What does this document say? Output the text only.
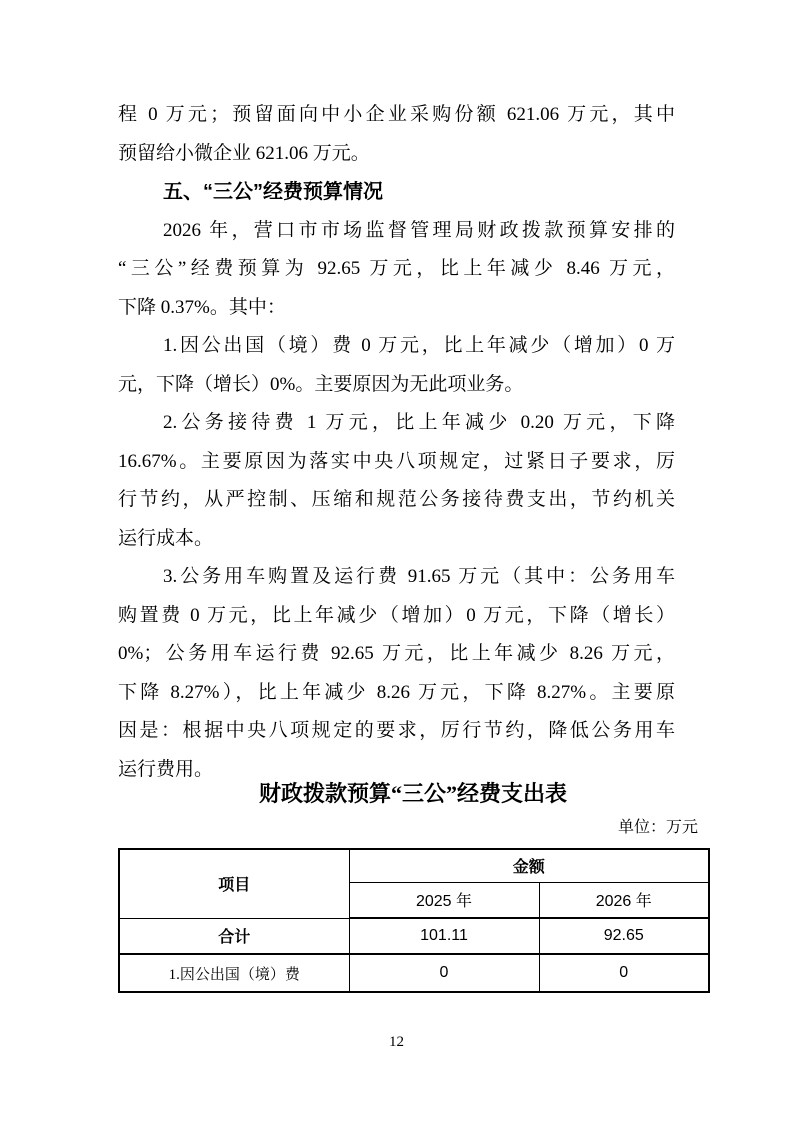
程 0 万元；预留面向中小企业采购份额 621.06 万元，其中
预留给小微企业 621.06 万元。
五、“三公”经费预算情况
2026 年，营口市市场监督管理局财政拨款预算安排的
“三公”经费预算为 92.65 万元，比上年减少 8.46 万元，
下降 0.37%。其中：
1.因公出国（境）费 0 万元，比上年减少（增加）0 万
元，下降（增长）0%。主要原因为无此项业务。
2.公务接待费 1 万元，比上年减少 0.20 万元，下降
16.67%。主要原因为落实中央八项规定，过紧日子要求，厉
行节约，从严控制、压缩和规范公务接待费支出，节约机关
运行成本。
3.公务用车购置及运行费 91.65 万元（其中：公务用车
购置费 0 万元，比上年减少（增加）0 万元，下降（增长）
0%；公务用车运行费 92.65 万元，比上年减少 8.26 万元，
下降 8.27%），比上年减少 8.26 万元，下降 8.27%。主要原
因是：根据中央八项规定的要求，厉行节约，降低公务用车
运行费用。
财政拨款预算“三公”经费支出表
单位：万元
项目	金额	
	2025 年	2026 年
合计	101.11	92.65
1.因公出国（境）费	0	0
12
